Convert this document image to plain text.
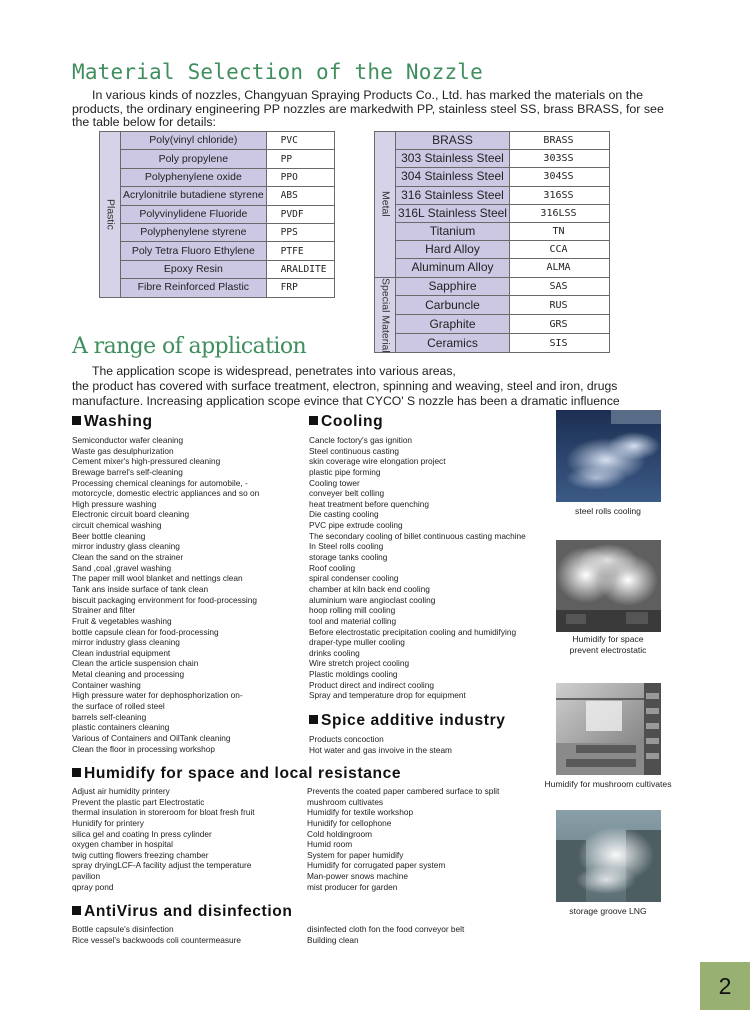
Material Selection of the Nozzle
In various kinds of nozzles, Changyuan Spraying Products Co., Ltd. has marked the materials on the products, the ordinary engineering PP nozzles are markedwith PP, stainless steel SS, brass BRASS, for see the table below for details:
Plastic	Poly(vinyl chloride)	PVC
	Poly propylene	PP
	Polyphenylene oxide	PPO
	Acrylonitrile butadiene styrene	ABS
	Polyvinylidene Fluoride	PVDF
	Polyphenylene styrene	PPS
	Poly Tetra Fluoro Ethylene	PTFE
	Epoxy Resin	ARALDITE
	Fibre Reinforced Plastic	FRP
Metal	BRASS	BRASS
	303 Stainless Steel	303SS
	304 Stainless Steel	304SS
	316 Stainless Steel	316SS
	316L Stainless Steel	316LSS
	Titanium	TN
	Hard Alloy	CCA
	Aluminum Alloy	ALMA

Special Material	Sapphire	SAS
	Carbuncle	RUS
	Graphite	GRS
	Ceramics	SIS
A range of application
The application scope is widespread, penetrates into various areas,
the product has covered with surface treatment, electron, spinning and weaving, steel and iron, drugs
manufacture. Increasing application scope evince that CYCO' S nozzle has been a dramatic influence
Washing
Semiconductor wafer cleaning
Waste gas desulphurization
Cement mixer's high-pressured cleaning
Brewage barrel's self-cleaning
Processing chemical cleanings for automobile, -
motorcycle, domestic electric appliances and so on
High pressure washing
Electronic circuit board cleaning
circuit chemical washing
Beer bottle cleaning
mirror industry glass cleaning
Clean the sand on the strainer
Sand ,coal ,gravel washing
The paper mill wool blanket and nettings clean
Tank ans inside surface of tank clean
biscuit packaging environment for food-processing
Strainer and filter
Fruit & vegetables washing
bottle capsule clean for food-processing
mirror industry glass cleaning
Clean industrial equipment
Clean the article suspension chain
Metal cleaning and processing
Container washing
High pressure water for dephosphorization on-
the surface of rolled steel
barrels self-cleaning
plastic containers cleaning
Various of Containers and OilTank cleaning
Clean the floor in processing workshop
Cooling
Cancle foctory's gas ignition
Steel continuous casting
skin coverage wire elongation project
plastic pipe forming
Cooling tower
conveyer belt colling
heat treatment before quenching
Die casting cooling
PVC pipe extrude cooling
The secondary cooling of billet continuous casting machine
In Steel rolls cooling
storage tanks cooling
Roof cooling
spiral condenser cooling
chamber at kiln back end cooling
aluminium ware angioclast cooling
hoop rolling mill cooling
tool and material colling
Before electrostatic precipitation cooling and humidifying
draper-type muller cooling
drinks cooling
Wire stretch project cooling
Plastic moldings cooling
Product direct and indirect cooling
Spray and temperature drop for equipment
Spice additive industry
Products concoction
Hot water and gas invoive in the steam
Humidify for space and local resistance
Adjust air humidity printery
Prevent the plastic part Electrostatic
thermal insulation in storeroom for bloat fresh fruit
Hunidify for printery
silica gel and coating In press cylinder
oxygen chamber in hospital
twig cutting flowers freezing chamber
spray dryingLCF-A facility adjust the temperature
pavilion
qpray pond
Prevents the coated paper cambered surface to split
mushroom cultivates
Humidify for textile workshop
Hunidify for cellophone
Cold holdingroom
Humid room
System for paper humidify
Humidify for corrugated paper system
Man-power snows machine
mist producer for garden
AntiVirus and disinfection
Bottle capsule's disinfection
Rice vessel's backwoods coli countermeasure
disinfected cloth fon the food conveyor belt
Building clean
steel rolls cooling
Humidify for space
prevent electrostatic
Humidify for mushroom cultivates
storage groove LNG
2
